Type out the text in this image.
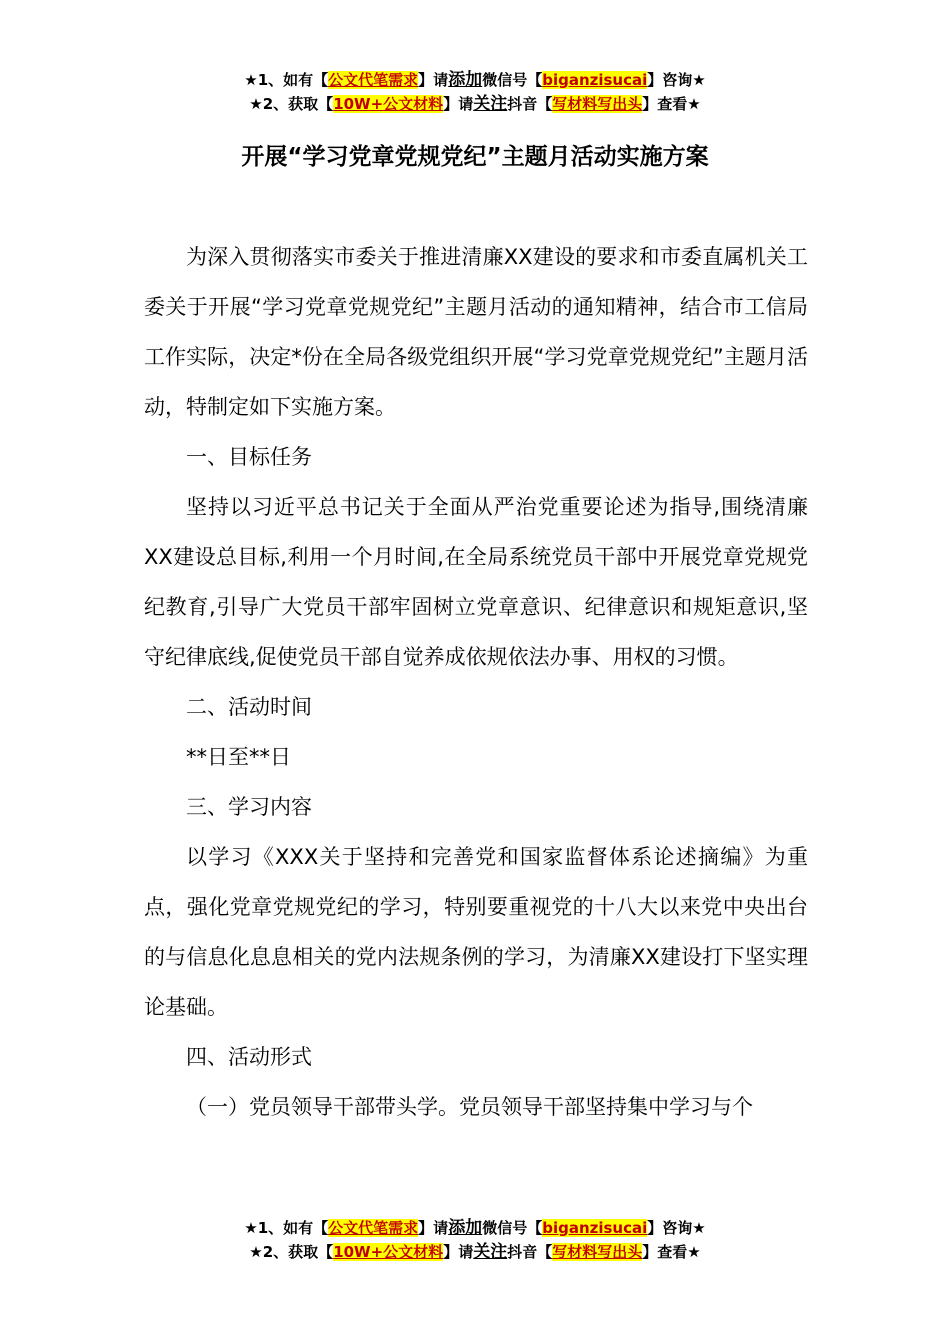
★1、如有【公文代笔需求】请添加微信号【biganzisucai】咨询★
★2、获取【10W+公文材料】请关注抖音【写材料写出头】查看★
开展“学习党章党规党纪”主题月活动实施方案

为深入贯彻落实市委关于推进清廉XX建设的要求和市委直属机关工委关于开展“学习党章党规党纪”主题月活动的通知精神，结合市工信局工作实际，决定*份在全局各级党组织开展“学习党章党规党纪”主题月活动，特制定如下实施方案。

一、目标任务

坚持以习近平总书记关于全面从严治党重要论述为指导,围绕清廉XX建设总目标,利用一个月时间,在全局系统党员干部中开展党章党规党纪教育,引导广大党员干部牢固树立党章意识、纪律意识和规矩意识,坚守纪律底线,促使党员干部自觉养成依规依法办事、用权的习惯。

二、活动时间

**日至**日

三、学习内容

以学习《XXX关于坚持和完善党和国家监督体系论述摘编》为重点，强化党章党规党纪的学习，特别要重视党的十八大以来党中央出台的与信息化息息相关的党内法规条例的学习，为清廉XX建设打下坚实理论基础。

四、活动形式

（一）党员领导干部带头学。党员领导干部坚持集中学习与个

★1、如有【公文代笔需求】请添加微信号【biganzisucai】咨询★
★2、获取【10W+公文材料】请关注抖音【写材料写出头】查看★
